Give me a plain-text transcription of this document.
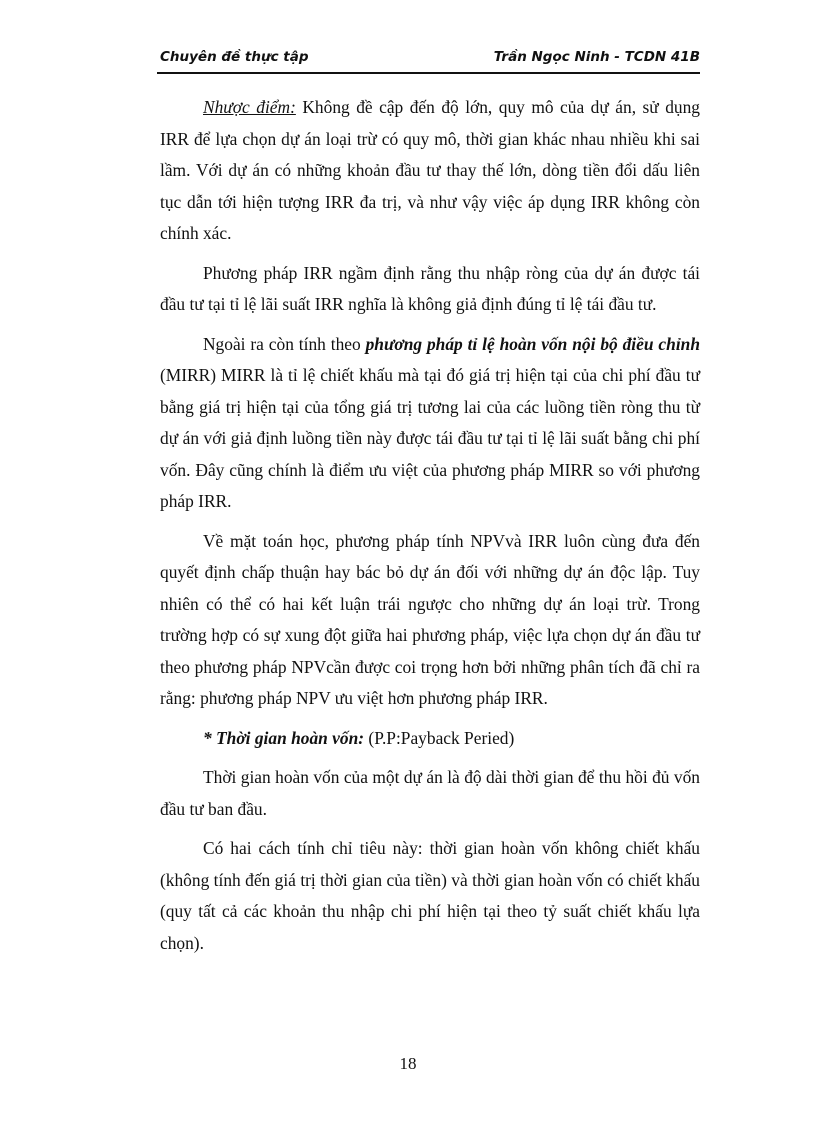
Chuyên đề thực tập	Trần Ngọc Ninh - TCDN 41B

Nhược điểm: Không đề cập đến độ lớn, quy mô của dự án, sử dụng IRR để lựa chọn dự án loại trừ có quy mô, thời gian khác nhau nhiều khi sai lầm. Với dự án có những khoản đầu tư thay thế lớn, dòng tiền đổi dấu liên tục dẫn tới hiện tượng IRR đa trị, và như vậy việc áp dụng IRR không còn chính xác.

Phương pháp IRR ngầm định rằng thu nhập ròng của dự án được tái đầu tư tại tỉ lệ lãi suất IRR nghĩa là không giả định đúng tỉ lệ tái đầu tư.

Ngoài ra còn tính theo phương pháp tỉ lệ hoàn vốn nội bộ điều chỉnh (MIRR) MIRR là tỉ lệ chiết khấu mà tại đó giá trị hiện tại của chi phí đầu tư bằng giá trị hiện tại của tổng giá trị tương lai của các luồng tiền ròng thu từ dự án với giả định luồng tiền này được tái đầu tư tại tỉ lệ lãi suất bằng chi phí vốn. Đây cũng chính là điểm ưu việt của phương pháp MIRR so với phương pháp IRR.

Về mặt toán học, phương pháp tính NPVvà IRR luôn cùng đưa đến quyết định chấp thuận hay bác bỏ dự án đối với những dự án độc lập. Tuy nhiên có thể có hai kết luận trái ngược cho những dự án loại trừ. Trong trường hợp có sự xung đột giữa hai phương pháp, việc lựa chọn dự án đầu tư theo phương pháp NPVcần được coi trọng hơn bởi những phân tích đã chỉ ra rằng: phương pháp NPV ưu việt hơn phương pháp IRR.

* Thời gian hoàn vốn: (P.P:Payback Peried)

Thời gian hoàn vốn của một dự án là độ dài thời gian để thu hồi đủ vốn đầu tư ban đầu.

Có hai cách tính chỉ tiêu này: thời gian hoàn vốn không chiết khấu (không tính đến giá trị thời gian của tiền) và thời gian hoàn vốn có chiết khấu (quy tất cả các khoản thu nhập chi phí hiện tại theo tỷ suất chiết khấu lựa chọn).

18
